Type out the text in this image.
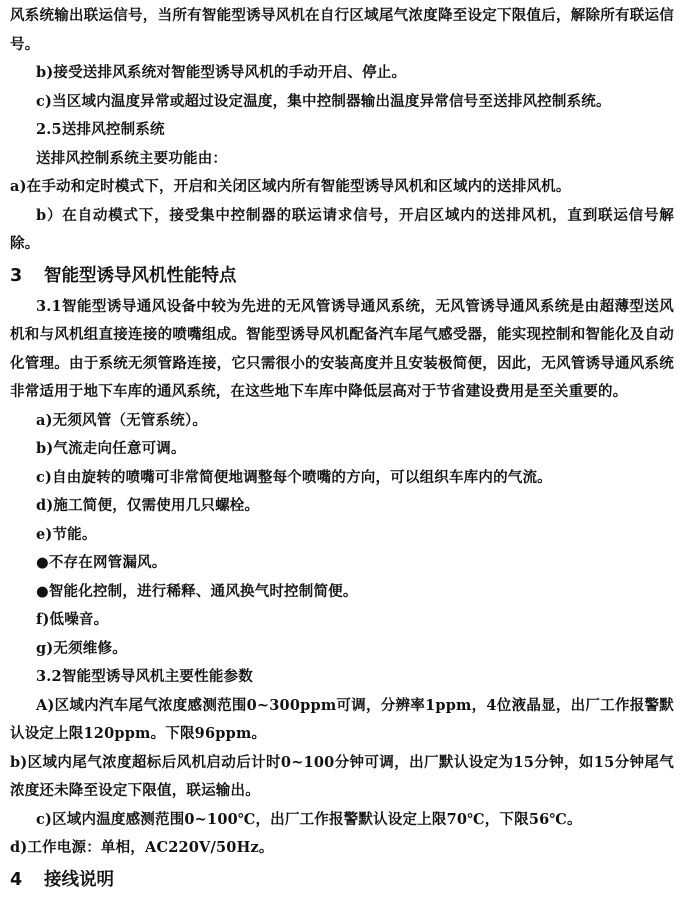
风系统输出联运信号，当所有智能型诱导风机在自行区域尾气浓度降至设定下限值后，解除所有联运信号。

b)接受送排风系统对智能型诱导风机的手动开启、停止。

c)当区域内温度异常或超过设定温度，集中控制器输出温度异常信号至送排风控制系统。

2.5送排风控制系统

送排风控制系统主要功能由：

a)在手动和定时模式下，开启和关闭区域内所有智能型诱导风机和区域内的送排风机。

b）在自动模式下，接受集中控制器的联运请求信号，开启区域内的送排风机，直到联运信号解除。

3 智能型诱导风机性能特点

3.1智能型诱导通风设备中较为先进的无风管诱导通风系统，无风管诱导通风系统是由超薄型送风机和与风机组直接连接的喷嘴组成。智能型诱导风机配备汽车尾气感受器，能实现控制和智能化及自动化管理。由于系统无须管路连接，它只需很小的安装高度并且安装极简便，因此，无风管诱导通风系统非常适用于地下车库的通风系统，在这些地下车库中降低层高对于节省建设费用是至关重要的。

a)无须风管（无管系统）。

b)气流走向任意可调。

c)自由旋转的喷嘴可非常简便地调整每个喷嘴的方向，可以组织车库内的气流。

d)施工简便，仅需使用几只螺栓。

e)节能。

●不存在网管漏风。

●智能化控制，进行稀释、通风换气时控制简便。

f)低噪音。

g)无须维修。

3.2智能型诱导风机主要性能参数

A)区域内汽车尾气浓度感测范围0~300ppm可调，分辨率1ppm，4位液晶显，出厂工作报警默认设定上限120ppm。下限96ppm。

b)区域内尾气浓度超标后风机启动后计时0~100分钟可调，出厂默认设定为15分钟，如15分钟尾气浓度还未降至设定下限值，联运输出。

c)区域内温度感测范围0~100℃，出厂工作报警默认设定上限70℃，下限56℃。

d)工作电源：单相，AC220V/50Hz。

4 接线说明
